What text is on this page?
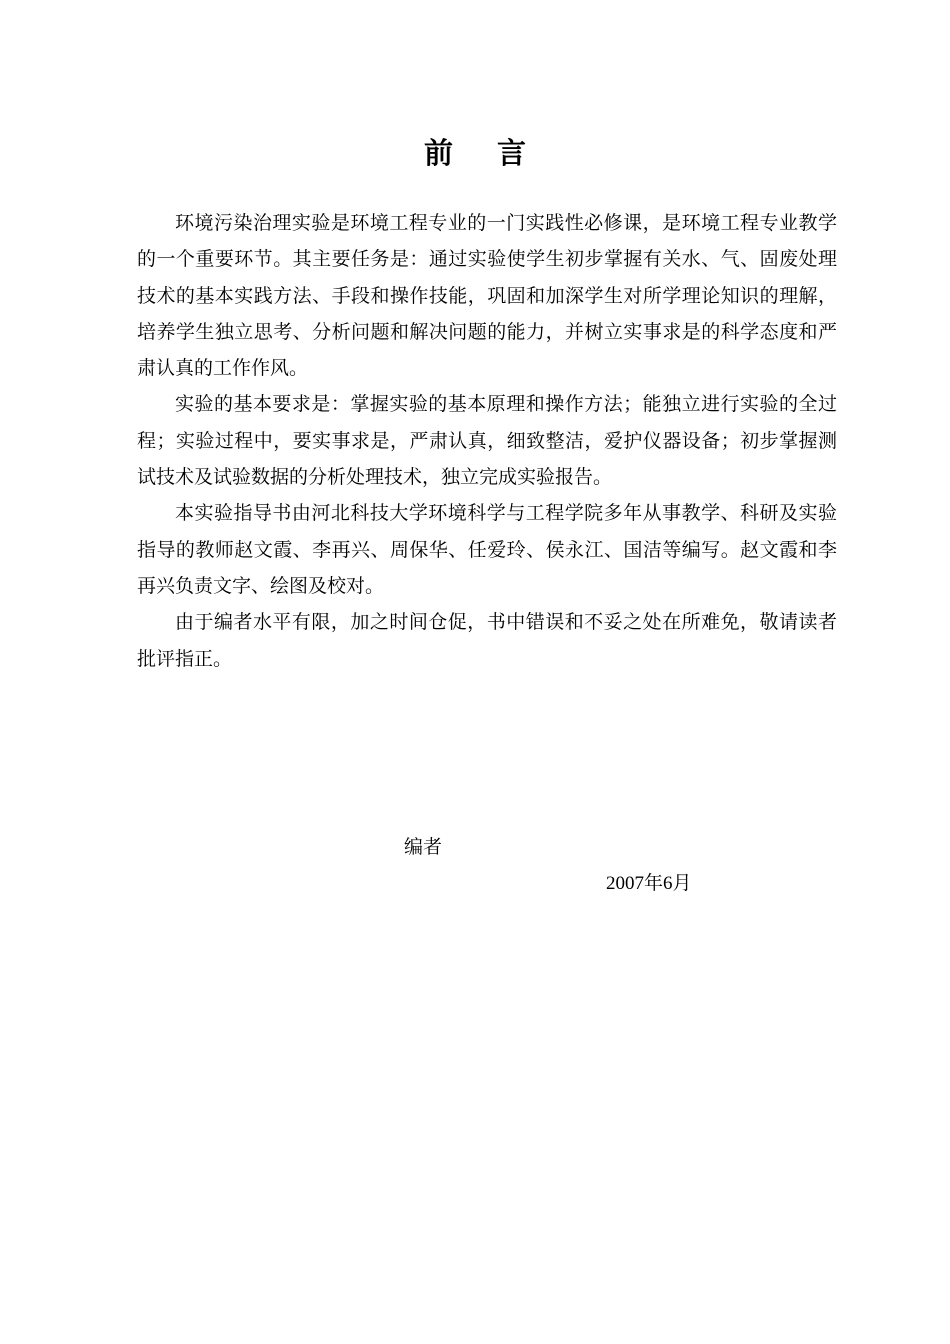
前言

环境污染治理实验是环境工程专业的一门实践性必修课，是环境工程专业教学的一个重要环节。其主要任务是：通过实验使学生初步掌握有关水、气、固废处理技术的基本实践方法、手段和操作技能，巩固和加深学生对所学理论知识的理解，培养学生独立思考、分析问题和解决问题的能力，并树立实事求是的科学态度和严肃认真的工作作风。

实验的基本要求是：掌握实验的基本原理和操作方法；能独立进行实验的全过程；实验过程中，要实事求是，严肃认真，细致整洁，爱护仪器设备；初步掌握测试技术及试验数据的分析处理技术，独立完成实验报告。

本实验指导书由河北科技大学环境科学与工程学院多年从事教学、科研及实验指导的教师赵文霞、李再兴、周保华、任爱玲、侯永江、国洁等编写。赵文霞和李再兴负责文字、绘图及校对。

由于编者水平有限，加之时间仓促，书中错误和不妥之处在所难免，敬请读者批评指正。

编者
2007年6月
